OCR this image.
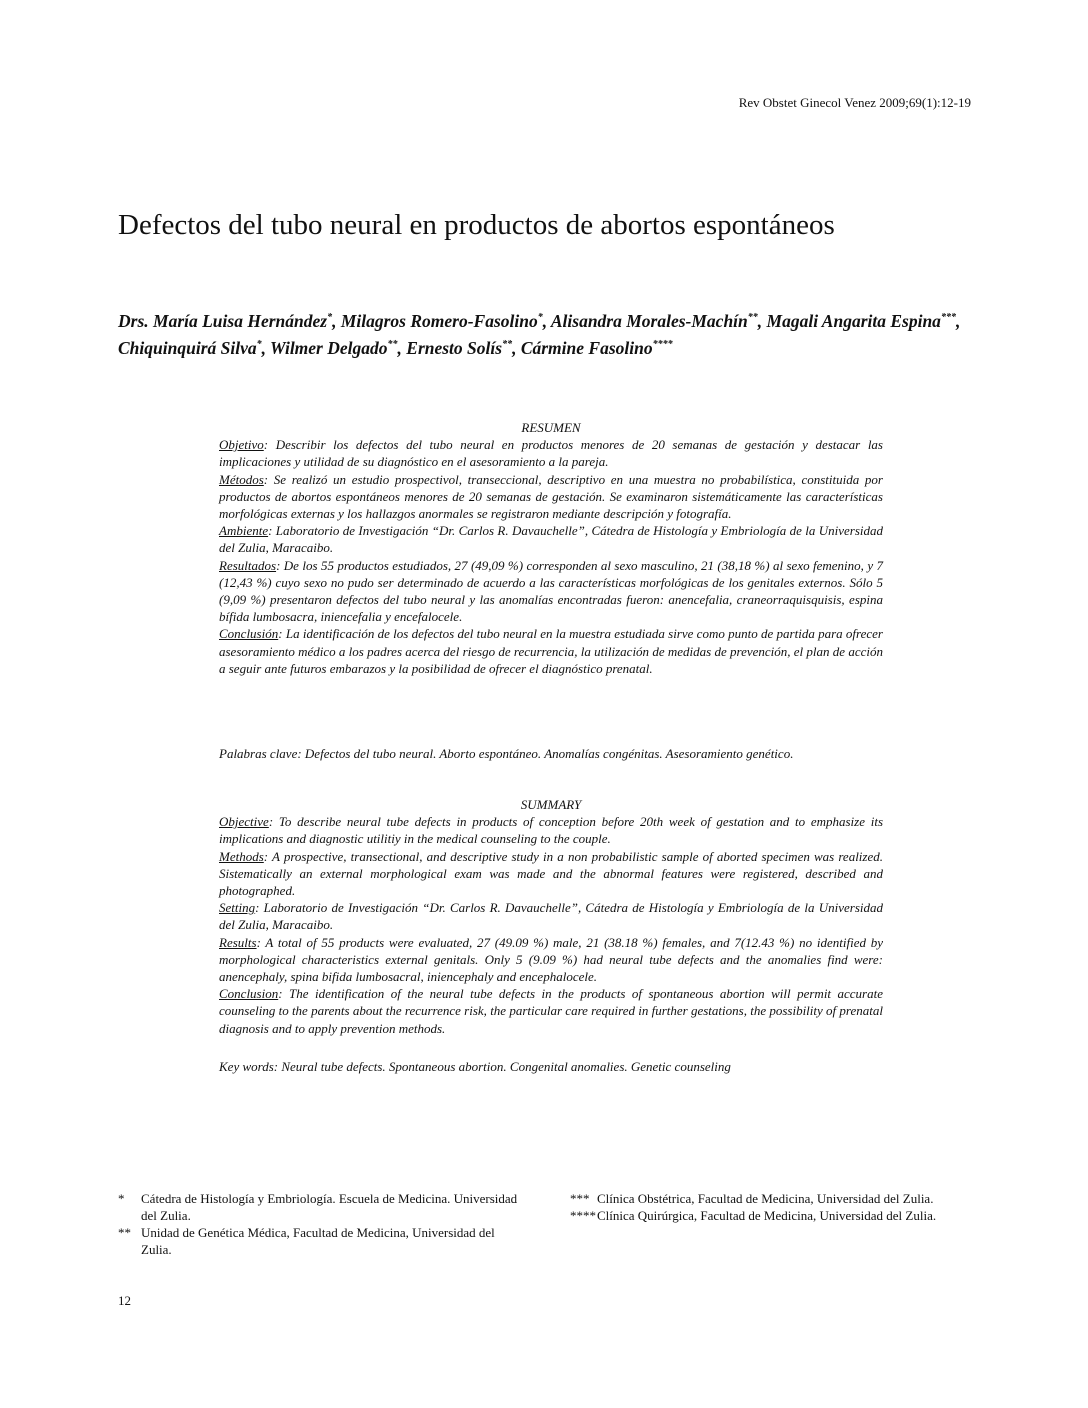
Rev Obstet Ginecol Venez 2009;69(1):12-19
Defectos del tubo neural en productos de abortos espontáneos
Drs. María Luisa Hernández*, Milagros Romero-Fasolino*, Alisandra Morales-Machín**, Magali Angarita Espina***, Chiquinquirá Silva*, Wilmer Delgado**, Ernesto Solís**, Cármine Fasolino****

RESUMEN

Objetivo: Describir los defectos del tubo neural en productos menores de 20 semanas de gestación y destacar las implicaciones y utilidad de su diagnóstico en el asesoramiento a la pareja.

Métodos: Se realizó un estudio prospectivol, transeccional, descriptivo en una muestra no probabilística, constituida por productos de abortos espontáneos menores de 20 semanas de gestación. Se examinaron sistemáticamente las características morfológicas externas y los hallazgos anormales se registraron mediante descripción y fotografía.

Ambiente: Laboratorio de Investigación “Dr. Carlos R. Davauchelle”, Cátedra de Histología y Embriología de la Universidad del Zulia, Maracaibo.

Resultados: De los 55 productos estudiados, 27 (49,09 %) corresponden al sexo masculino, 21 (38,18 %) al sexo femenino, y 7 (12,43 %) cuyo sexo no pudo ser determinado de acuerdo a las características morfológicas de los genitales externos. Sólo 5 (9,09 %) presentaron defectos del tubo neural y las anomalías encontradas fueron: anencefalia, craneorraquisquisis, espina bífida lumbosacra, iniencefalia y encefalocele.

Conclusión: La identificación de los defectos del tubo neural en la muestra estudiada sirve como punto de partida para ofrecer asesoramiento médico a los padres acerca del riesgo de recurrencia, la utilización de medidas de prevención, el plan de acción a seguir ante futuros embarazos y la posibilidad de ofrecer el diagnóstico prenatal.

Palabras clave: Defectos del tubo neural. Aborto espontáneo. Anomalías congénitas. Asesoramiento genético.

SUMMARY

Objective: To describe neural tube defects in products of conception before 20th week of gestation and to emphasize its implications and diagnostic utilitiy in the medical counseling to the couple.

Methods: A prospective, transectional, and descriptive study in a non probabilistic sample of aborted specimen was realized. Sistematically an external morphological exam was made and the abnormal features were registered, described and photographed.

Setting: Laboratorio de Investigación “Dr. Carlos R. Davauchelle”, Cátedra de Histología y Embriología de la Universidad del Zulia, Maracaibo.

Results: A total of 55 products were evaluated, 27 (49.09 %) male, 21 (38.18 %) females, and 7(12.43 %) no identified by morphological characteristics external genitals. Only 5 (9.09 %) had neural tube defects and the anomalies find were: anencephaly, spina bifida lumbosacral, iniencephaly and encephalocele.

Conclusion: The identification of the neural tube defects in the products of spontaneous abortion will permit accurate counseling to the parents about the recurrence risk, the particular care required in further gestations, the possibility of prenatal diagnosis and to apply prevention methods.

Key words: Neural tube defects. Spontaneous abortion. Congenital anomalies. Genetic counseling
*	Cátedra de Histología y Embriología. Escuela de Medicina. Universidad del Zulia.
** Unidad de Genética Médica, Facultad de Medicina, Universidad del Zulia.
*** Clínica Obstétrica, Facultad de Medicina, Universidad del Zulia.
**** Clínica Quirúrgica, Facultad de Medicina, Universidad del Zulia.
12
